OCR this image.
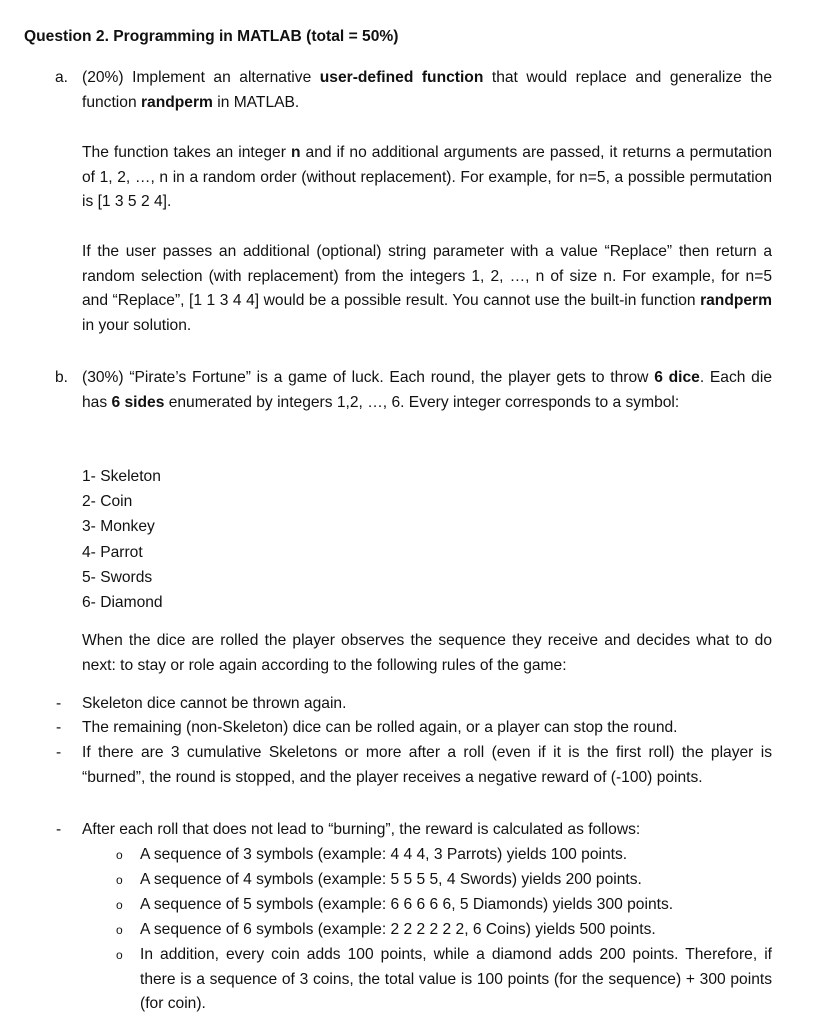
Question 2. Programming in MATLAB (total = 50%)
a. (20%) Implement an alternative user-defined function that would replace and generalize the function randperm in MATLAB.

The function takes an integer n and if no additional arguments are passed, it returns a permutation of 1, 2, …, n in a random order (without replacement). For example, for n=5, a possible permutation is [1 3 5 2 4].

If the user passes an additional (optional) string parameter with a value “Replace” then return a random selection (with replacement) from the integers 1, 2, …, n of size n. For example, for n=5 and “Replace”, [1 1 3 4 4] would be a possible result. You cannot use the built-in function randperm in your solution.

b. (30%) “Pirate’s Fortune” is a game of luck. Each round, the player gets to throw 6 dice. Each die has 6 sides enumerated by integers 1,2, …, 6. Every integer corresponds to a symbol:

1- Skeleton
2- Coin
3- Monkey
4- Parrot
5- Swords
6- Diamond
When the dice are rolled the player observes the sequence they receive and decides what to do next: to stay or role again according to the following rules of the game:
- Skeleton dice cannot be thrown again.
- The remaining (non-Skeleton) dice can be rolled again, or a player can stop the round.
- If there are 3 cumulative Skeletons or more after a roll (even if it is the first roll) the player is “burned”, the round is stopped, and the player receives a negative reward of (-100) points.
- After each roll that does not lead to “burning”, the reward is calculated as follows:
o A sequence of 3 symbols (example: 4 4 4, 3 Parrots) yields 100 points.
o A sequence of 4 symbols (example: 5 5 5 5, 4 Swords) yields 200 points.
o A sequence of 5 symbols (example: 6 6 6 6 6, 5 Diamonds) yields 300 points.
o A sequence of 6 symbols (example: 2 2 2 2 2 2, 6 Coins) yields 500 points.
o In addition, every coin adds 100 points, while a diamond adds 200 points. Therefore, if there is a sequence of 3 coins, the total value is 100 points (for the sequence) + 300 points (for coin).
